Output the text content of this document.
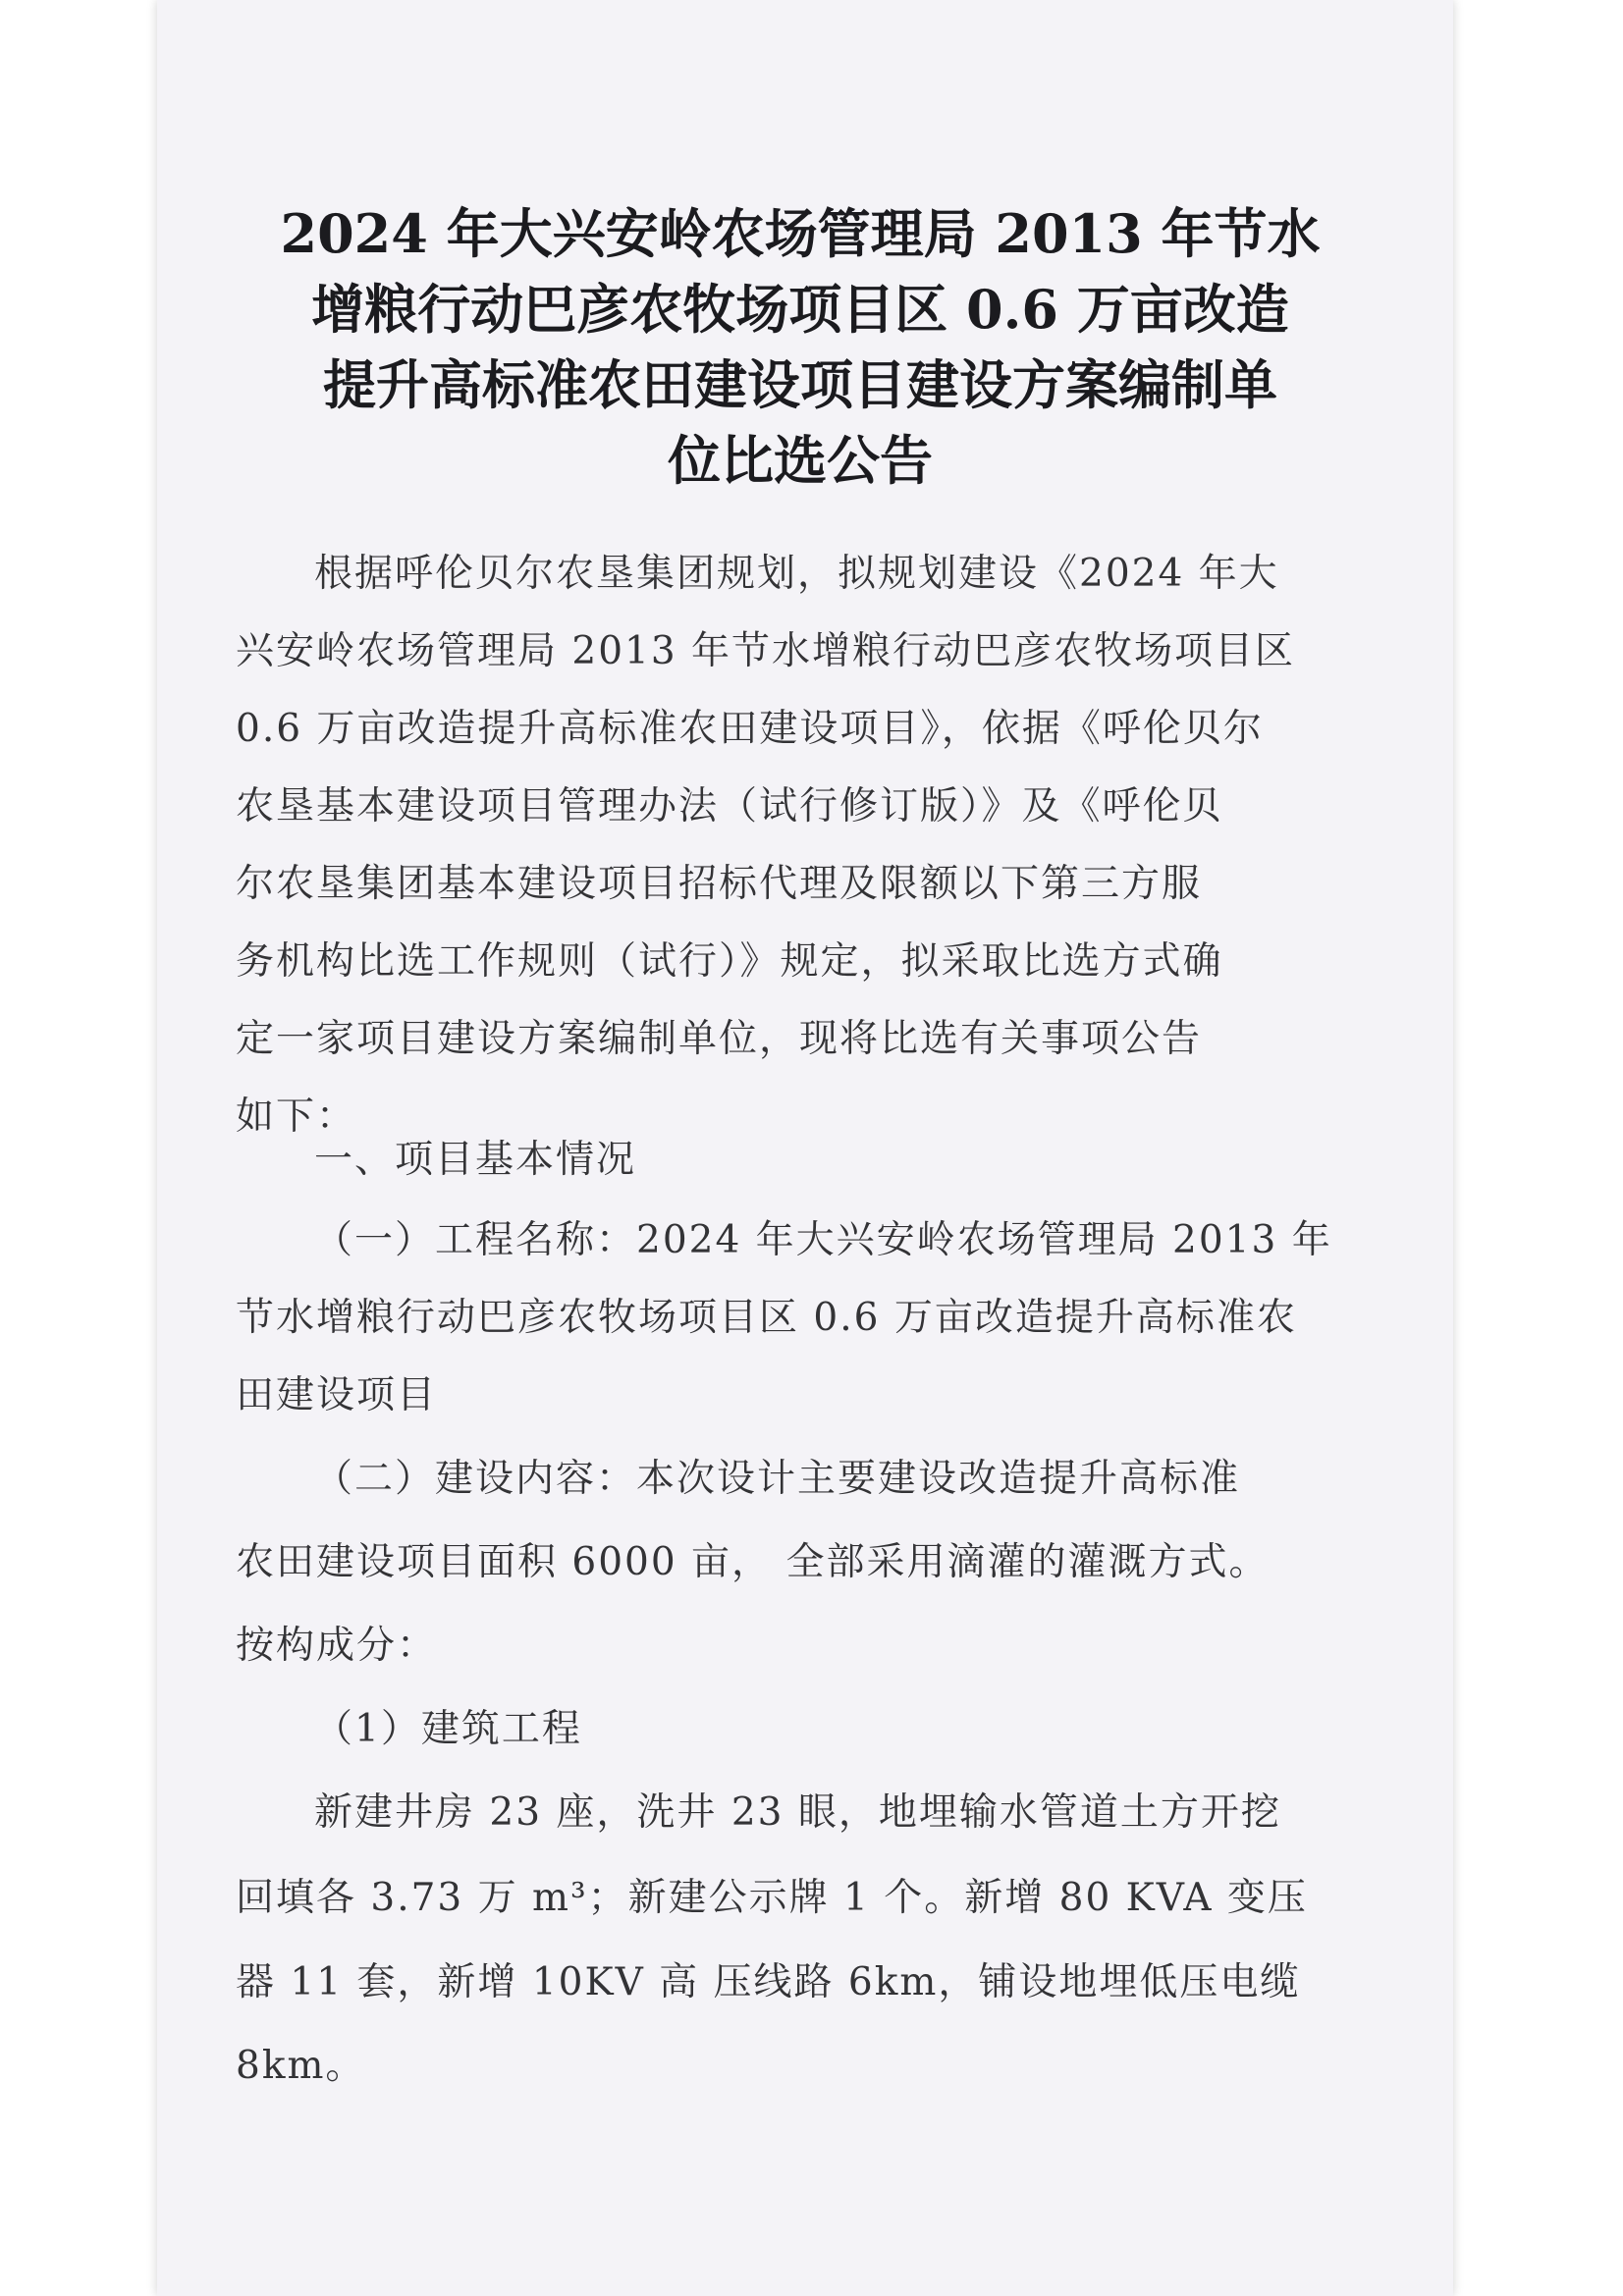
2024 年大兴安岭农场管理局 2013 年节水
增粮行动巴彦农牧场项目区 0.6 万亩改造
提升高标准农田建设项目建设方案编制单
位比选公告
根据呼伦贝尔农垦集团规划，拟规划建设《2024 年大
兴安岭农场管理局 2013 年节水增粮行动巴彦农牧场项目区
0.6 万亩改造提升高标准农田建设项目》，依据《呼伦贝尔
农垦基本建设项目管理办法（试行修订版）》及《呼伦贝
尔农垦集团基本建设项目招标代理及限额以下第三方服
务机构比选工作规则（试行）》规定，拟采取比选方式确
定一家项目建设方案编制单位，现将比选有关事项公告
如下：
一、项目基本情况
（一）工程名称：2024 年大兴安岭农场管理局 2013 年
节水增粮行动巴彦农牧场项目区 0.6 万亩改造提升高标准农
田建设项目
（二）建设内容：本次设计主要建设改造提升高标准
农田建设项目面积 6000 亩， 全部采用滴灌的灌溉方式。
按构成分：
（1）建筑工程
新建井房 23 座，洗井 23 眼，地埋输水管道土方开挖
回填各 3.73 万 m³；新建公示牌 1 个。新增 80 KVA 变压
器 11 套，新增 10KV 高 压线路 6km，铺设地埋低压电缆
8km。
